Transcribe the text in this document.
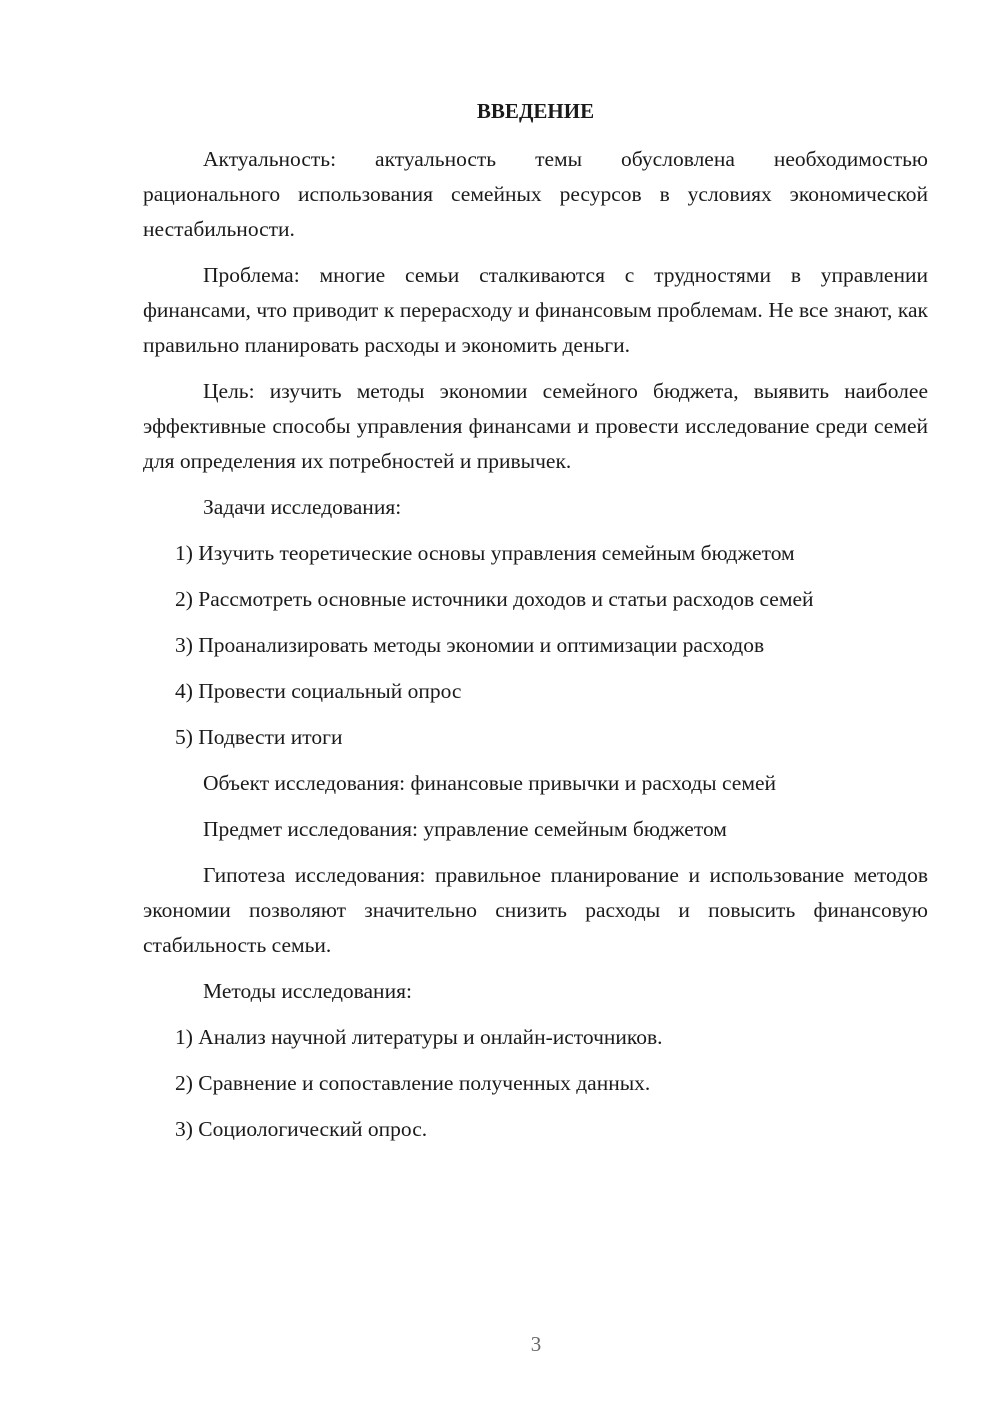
ВВЕДЕНИЕ

Актуальность: актуальность темы обусловлена необходимостью рационального использования семейных ресурсов в условиях экономической нестабильности.

Проблема: многие семьи сталкиваются с трудностями в управлении финансами, что приводит к перерасходу и финансовым проблемам. Не все знают, как правильно планировать расходы и экономить деньги.

Цель: изучить методы экономии семейного бюджета, выявить наиболее эффективные способы управления финансами и провести исследование среди семей для определения их потребностей и привычек.

Задачи исследования:

1) Изучить теоретические основы управления семейным бюджетом

2) Рассмотреть основные источники доходов и статьи расходов семей

3) Проанализировать методы экономии и оптимизации расходов

4) Провести социальный опрос

5) Подвести итоги

Объект исследования: финансовые привычки и расходы семей

Предмет исследования: управление семейным бюджетом

Гипотеза исследования: правильное планирование и использование методов экономии позволяют значительно снизить расходы и повысить финансовую стабильность семьи.

Методы исследования:

1) Анализ научной литературы и онлайн-источников.

2) Сравнение и сопоставление полученных данных.

3) Социологический опрос.

3
